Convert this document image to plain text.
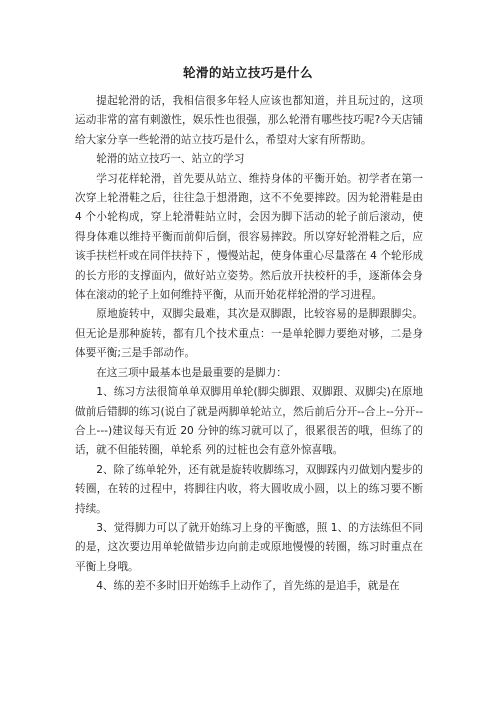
轮滑的站立技巧是什么

提起轮滑的话，我相信很多年轻人应该也都知道，并且玩过的，这项运动非常的富有刺激性，娱乐性也很强，那么轮滑有哪些技巧呢?今天店铺给大家分享一些轮滑的站立技巧是什么，希望对大家有所帮助。

轮滑的站立技巧一、站立的学习

学习花样轮滑，首先要从站立、维持身体的平衡开始。初学者在第一次穿上轮滑鞋之后，往往急于想滑跑，这不不免要摔跤。因为轮滑鞋是由 4 个小轮构成，穿上轮滑鞋站立时，会因为脚下活动的轮子前后滚动，使得身体难以维持平衡而前仰后倒，很容易摔跤。所以穿好轮滑鞋之后，应该手扶栏杆或在同伴扶持下 ，慢慢站起，使身体重心尽量落在 4 个轮形成的长方形的支撑面内，做好站立姿势。然后放开扶校杆的手，逐渐体会身体在滚动的轮子上如何维持平衡，从而开始花样轮滑的学习进程。

原地旋转中，双脚尖最难，其次是双脚跟，比较容易的是脚跟脚尖。 但无论是那种旋转，都有几个技术重点：一是单轮脚力要绝对够，二是身体要平衡;三是手部动作。

在这三项中最基本也是最重要的是脚力：

1、练习方法很简单单双脚用单轮(脚尖脚跟、双脚跟、双脚尖)在原地做前后错脚的练习(说白了就是两脚单轮站立，然后前后分开--合上--分开--合上---)建议每天有近 20 分钟的练习就可以了，很累很苦的哦，但练了的话，就不但能转圈，单轮系 列的过桩也会有意外惊喜哦。

2、除了练单轮外，还有就是旋转收脚练习，双脚踩内刃做划内髮步的转圈，在转的过程中，将脚往内收，将大圆收成小圆，以上的练习要不断持续。

3、觉得脚力可以了就开始练习上身的平衡感，照 1、的方法练但不同的是，这次要边用单轮做错步边向前走或原地慢慢的转圈，练习时重点在平衡上身哦。

4、练的差不多时旧开始练手上动作了，首先练的是追手，就是在
